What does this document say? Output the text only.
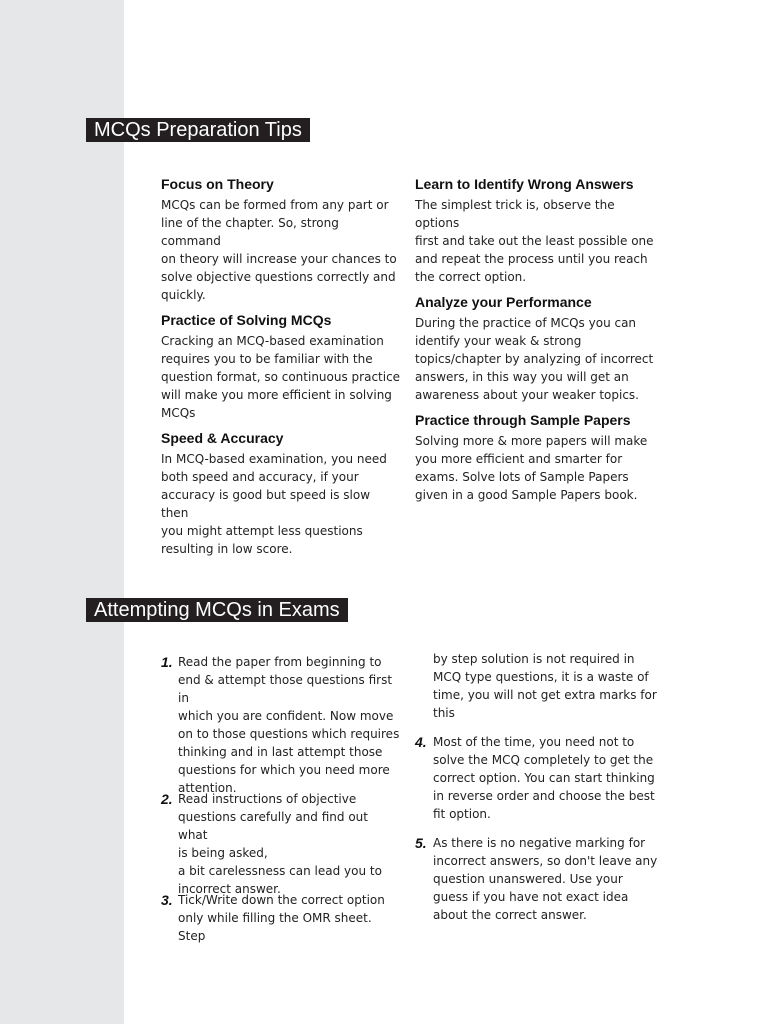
MCQs Preparation Tips
Focus on Theory
MCQs can be formed from any part or
line of the chapter. So, strong command
on theory will increase your chances to
solve objective questions correctly and
quickly.
Practice of Solving MCQs
Cracking an MCQ-based examination
requires you to be familiar with the
question format, so continuous practice
will make you more efficient in solving
MCQs
Speed & Accuracy
In MCQ-based examination, you need
both speed and accuracy, if your
accuracy is good but speed is slow then
you might attempt less questions
resulting in low score.
Learn to Identify Wrong Answers
The simplest trick is, observe the options
first and take out the least possible one
and repeat the process until you reach
the correct option.
Analyze your Performance
During the practice of MCQs you can
identify your weak & strong
topics/chapter by analyzing of incorrect
answers, in this way you will get an
awareness about your weaker topics.
Practice through Sample Papers
Solving more & more papers will make
you more efficient and smarter for
exams. Solve lots of Sample Papers
given in a good Sample Papers book.
Attempting MCQs in Exams
1. Read the paper from beginning to
end & attempt those questions first in
which you are confident. Now move
on to those questions which requires
thinking and in last attempt those
questions for which you need more
attention.
2. Read instructions of objective
questions carefully and find out what
is being asked,
a bit carelessness can lead you to
incorrect answer.
3. Tick/Write down the correct option
only while filling the OMR sheet. Step
by step solution is not required in
MCQ type questions, it is a waste of
time, you will not get extra marks for
this
4. Most of the time, you need not to
solve the MCQ completely to get the
correct option. You can start thinking
in reverse order and choose the best
fit option.
5. As there is no negative marking for
incorrect answers, so don't leave any
question unanswered. Use your
guess if you have not exact idea
about the correct answer.
